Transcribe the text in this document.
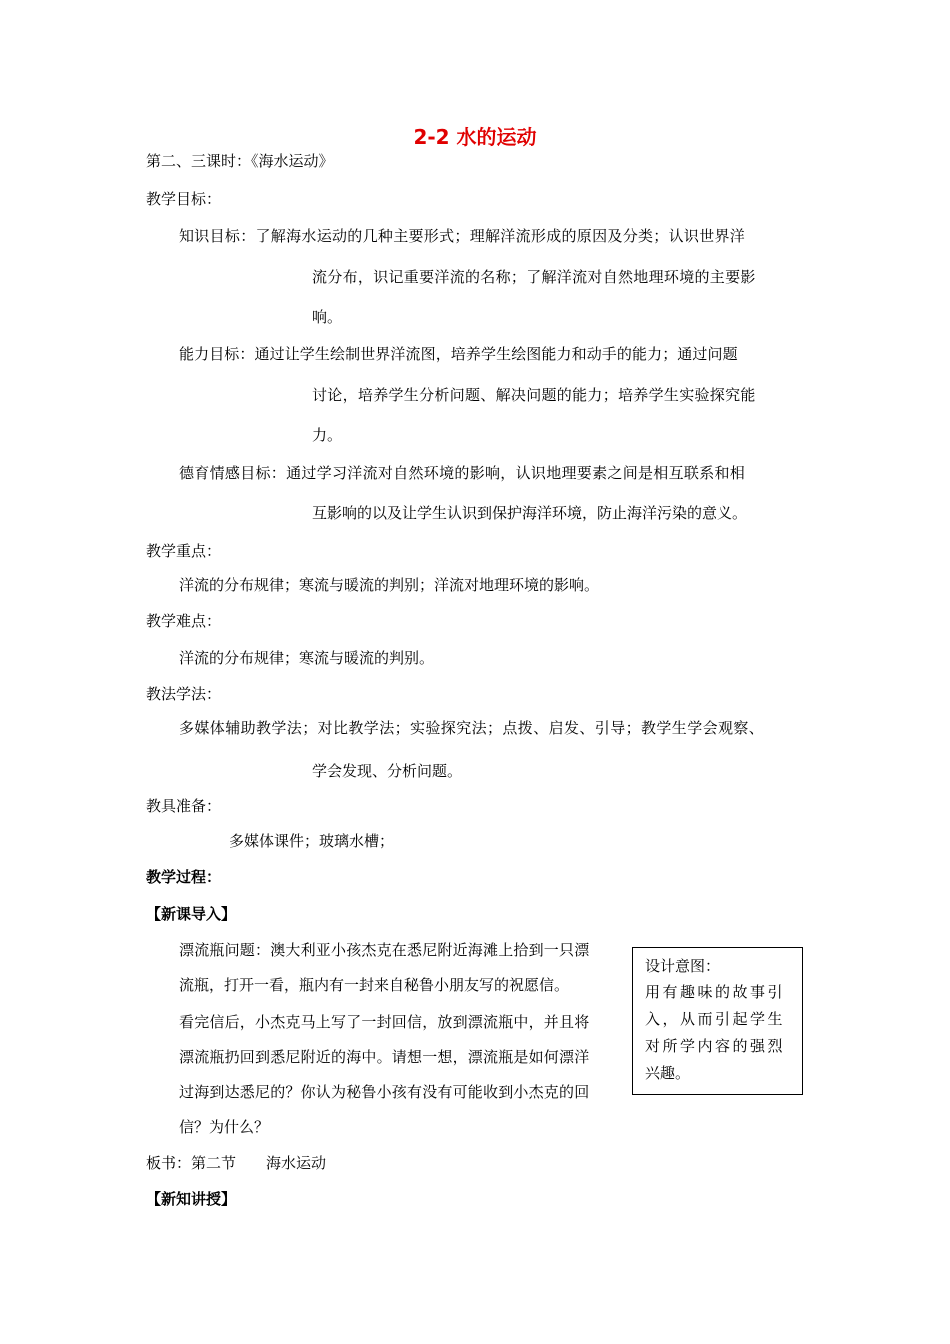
2-2 水的运动
第二、三课时：《海水运动》
教学目标：
知识目标：了解海水运动的几种主要形式；理解洋流形成的原因及分类；认识世界洋
流分布，识记重要洋流的名称；了解洋流对自然地理环境的主要影
响。
能力目标：通过让学生绘制世界洋流图，培养学生绘图能力和动手的能力；通过问题
讨论，培养学生分析问题、解决问题的能力；培养学生实验探究能
力。
德育情感目标：通过学习洋流对自然环境的影响，认识地理要素之间是相互联系和相
互影响的以及让学生认识到保护海洋环境，防止海洋污染的意义。
教学重点：
洋流的分布规律；寒流与暖流的判别；洋流对地理环境的影响。
教学难点：
洋流的分布规律；寒流与暖流的判别。
教法学法：
多媒体辅助教学法；对比教学法；实验探究法；点拨、启发、引导；教学生学会观察、
学会发现、分析问题。
教具准备：
多媒体课件；玻璃水槽；
教学过程：
【新课导入】
漂流瓶问题：澳大利亚小孩杰克在悉尼附近海滩上拾到一只漂
流瓶，打开一看，瓶内有一封来自秘鲁小朋友写的祝愿信。
看完信后，小杰克马上写了一封回信，放到漂流瓶中，并且将
漂流瓶扔回到悉尼附近的海中。请想一想，漂流瓶是如何漂洋
过海到达悉尼的？你认为秘鲁小孩有没有可能收到小杰克的回
信？为什么？
设计意图：
用有趣味的故事引
入，从而引起学生
对所学内容的强烈
兴趣。
板书：第二节　　海水运动
【新知讲授】
